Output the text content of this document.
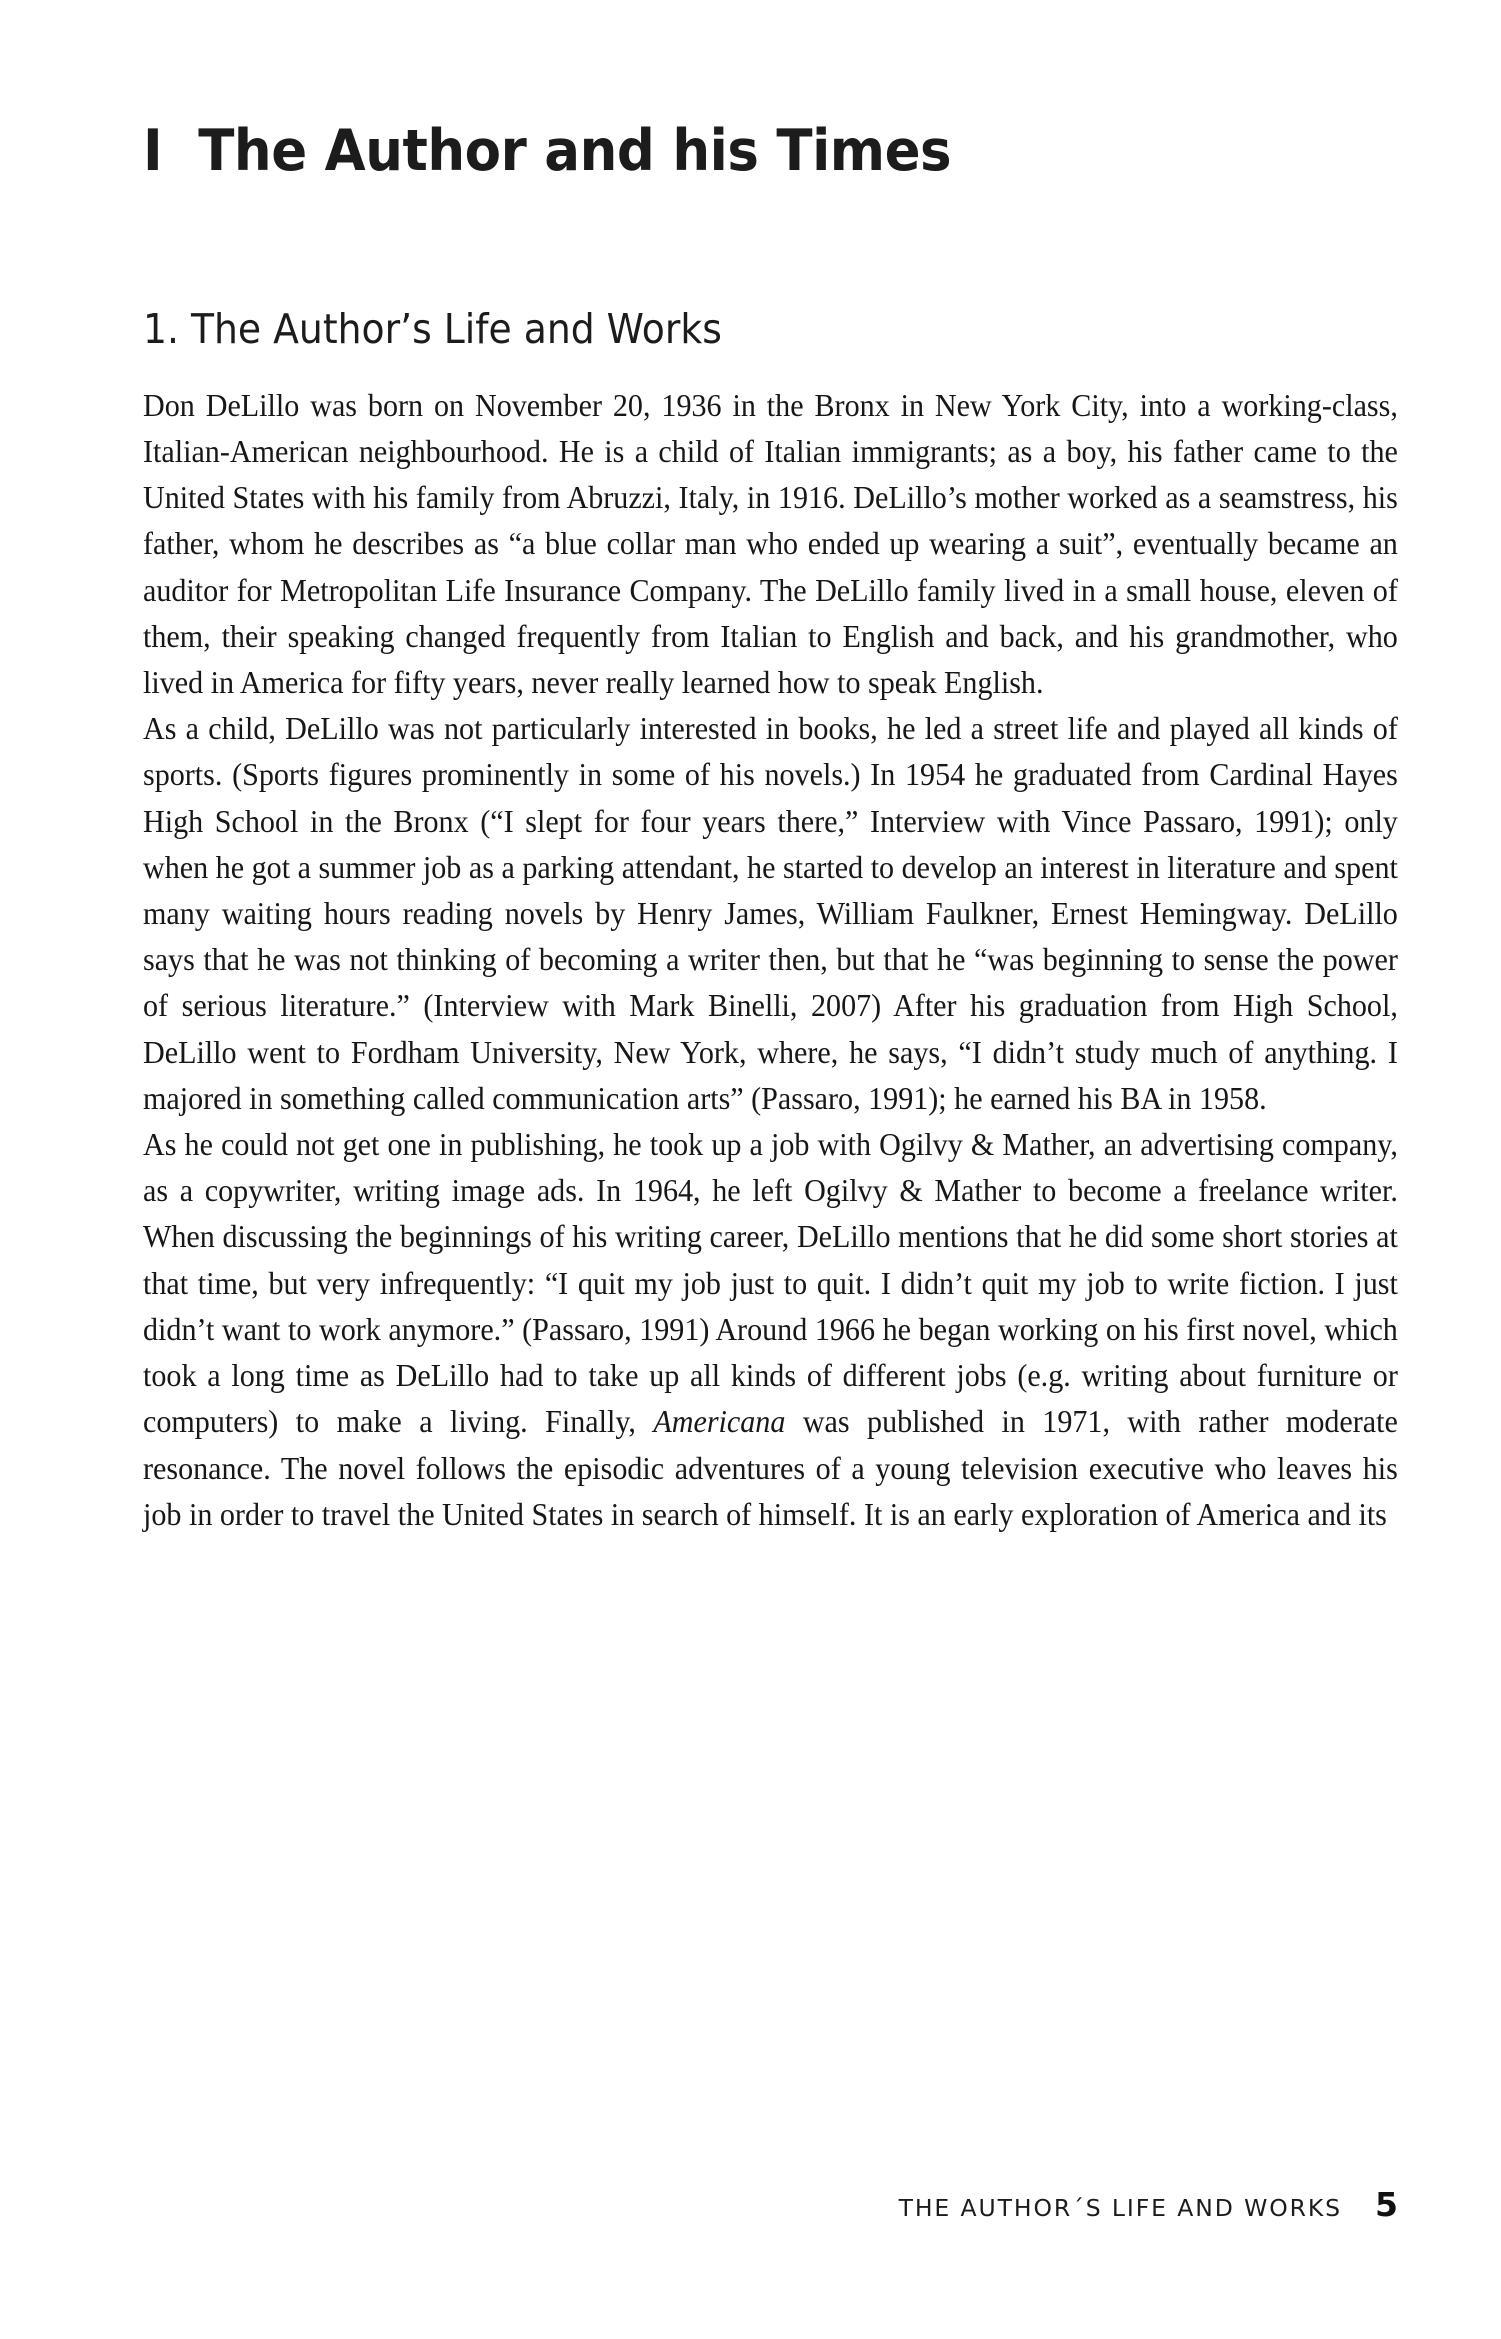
I  The Author and his Times
1. The Author’s Life and Works

Don DeLillo was born on November 20, 1936 in the Bronx in New York City, into a working-class, Italian-American neighbourhood. He is a child of Italian immigrants; as a boy, his father came to the United States with his family from Abruzzi, Italy, in 1916. DeLillo’s mother worked as a seamstress, his father, whom he describes as “a blue collar man who ended up wearing a suit”, eventually became an auditor for Metropolitan Life Insurance Company. The DeLillo family lived in a small house, eleven of them, their speaking changed frequently from Italian to English and back, and his grandmother, who lived in America for fifty years, never really learned how to speak English.

As a child, DeLillo was not particularly interested in books, he led a street life and played all kinds of sports. (Sports figures prominently in some of his novels.) In 1954 he graduated from Cardinal Hayes High School in the Bronx (“I slept for four years there,” Interview with Vince Passaro, 1991); only when he got a summer job as a parking attendant, he started to develop an interest in literature and spent many waiting hours reading novels by Henry James, William Faulkner, Ernest Hemingway. DeLillo says that he was not thinking of becoming a writer then, but that he “was beginning to sense the power of serious literature.” (Interview with Mark Binelli, 2007) After his graduation from High School, DeLillo went to Fordham University, New York, where, he says, “I didn’t study much of anything. I majored in something called communication arts” (Passaro, 1991); he earned his BA in 1958.

As he could not get one in publishing, he took up a job with Ogilvy & Mather, an advertising company, as a copywriter, writing image ads. In 1964, he left Ogilvy & Mather to become a freelance writer. When discussing the beginnings of his writing career, DeLillo mentions that he did some short stories at that time, but very infrequently: “I quit my job just to quit. I didn’t quit my job to write fiction. I just didn’t want to work anymore.” (Passaro, 1991) Around 1966 he began working on his first novel, which took a long time as DeLillo had to take up all kinds of different jobs (e.g. writing about furniture or computers) to make a living. Finally, Americana was published in 1971, with rather moderate resonance. The novel follows the episodic adventures of a young television executive who leaves his job in order to travel the United States in search of himself. It is an early exploration of America and its

THE AUTHOR´S LIFE AND WORKS 5
